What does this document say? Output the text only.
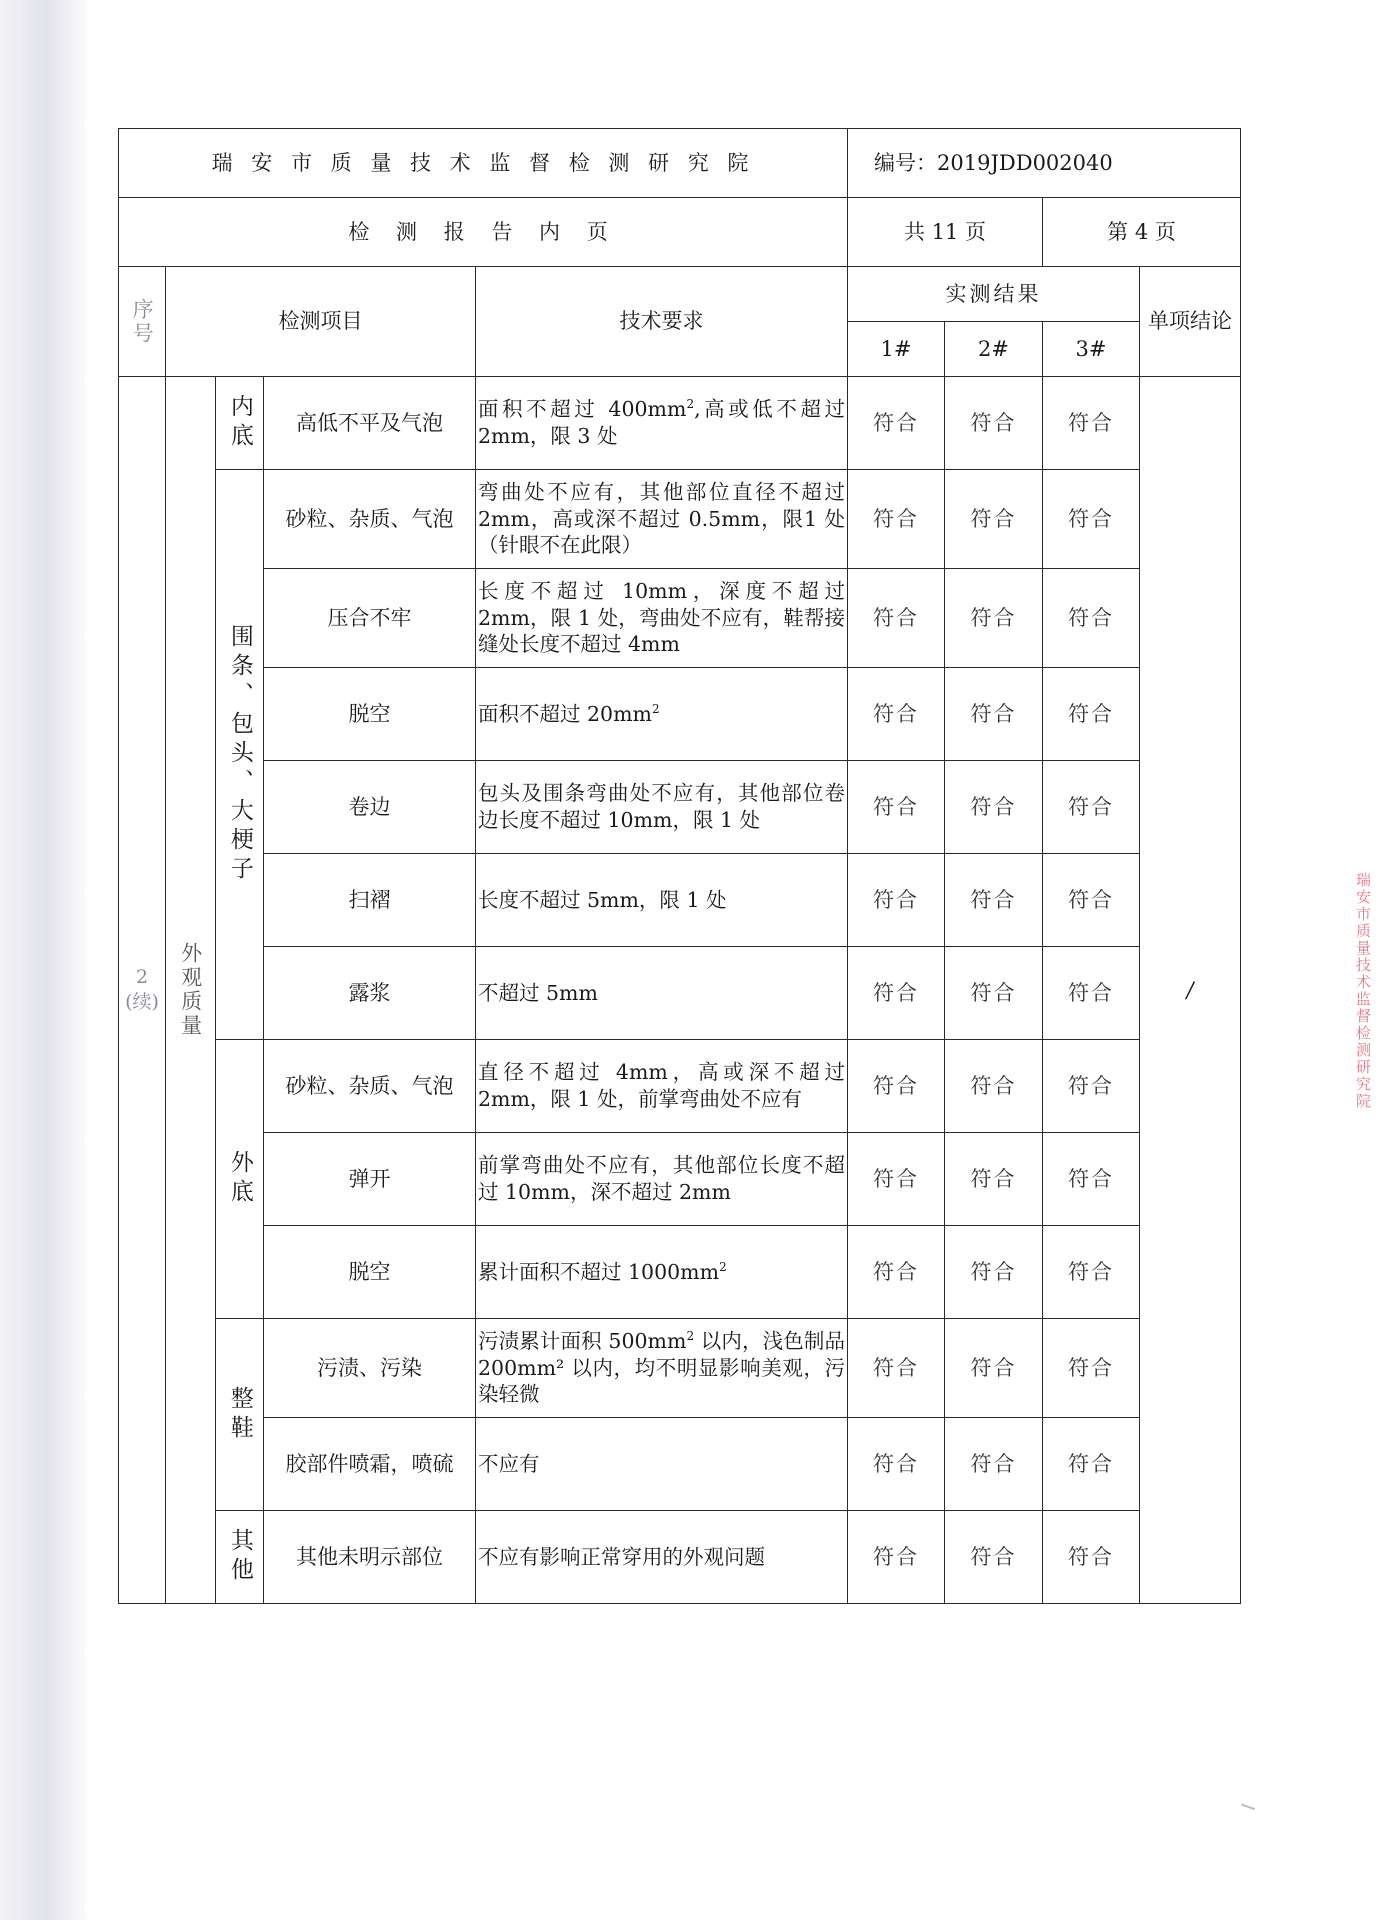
瑞 安 市 质 量 技 术 监 督 检 测 研 究 院					编号：2019JDD002040			
检 测 报 告 内 页					共 11 页		第 4 页	

序号	检测项目			技术要求	实测结果			单项结论
					1#	2#	3#	

2
(续)	外观质量	内底	高低不平及气泡	面积不超过 $400mm^2$,高或低不超过2mm，限 3 处	符合	符合	符合	/

		围条、包头、大梗子	砂粒、杂质、气泡	弯曲处不应有，其他部位直径不超过 2mm，高或深不超过 0.5mm，限1 处（针眼不在此限）	符合	符合	符合	
			压合不牢	长度不超过 10mm，深度不超过2mm，限 1 处，弯曲处不应有，鞋帮接缝处长度不超过 4mm	符合	符合	符合	
			脱空	面积不超过 $20mm^2$	符合	符合	符合	
			卷边	包头及围条弯曲处不应有，其他部位卷边长度不超过 10mm，限 1 处	符合	符合	符合	
			扫褶	长度不超过 5mm，限 1 处	符合	符合	符合	
			露浆	不超过 5mm	符合	符合	符合	

		外底	砂粒、杂质、气泡	直径不超过 4mm，高或深不超过2mm，限 1 处，前掌弯曲处不应有	符合	符合	符合	
			弹开	前掌弯曲处不应有，其他部位长度不超过 10mm，深不超过 2mm	符合	符合	符合	
			脱空	累计面积不超过 $1000mm^2$	符合	符合	符合	

		整鞋	污渍、污染	污渍累计面积 $500mm^2$ 以内，浅色制品 200mm² 以内，均不明显影响美观，污染轻微	符合	符合	符合	
			胶部件喷霜，喷硫	不应有	符合	符合	符合	

		其他	其他未明示部位	不应有影响正常穿用的外观问题	符合	符合	符合	
瑞安市质量技术监督检测研究院
